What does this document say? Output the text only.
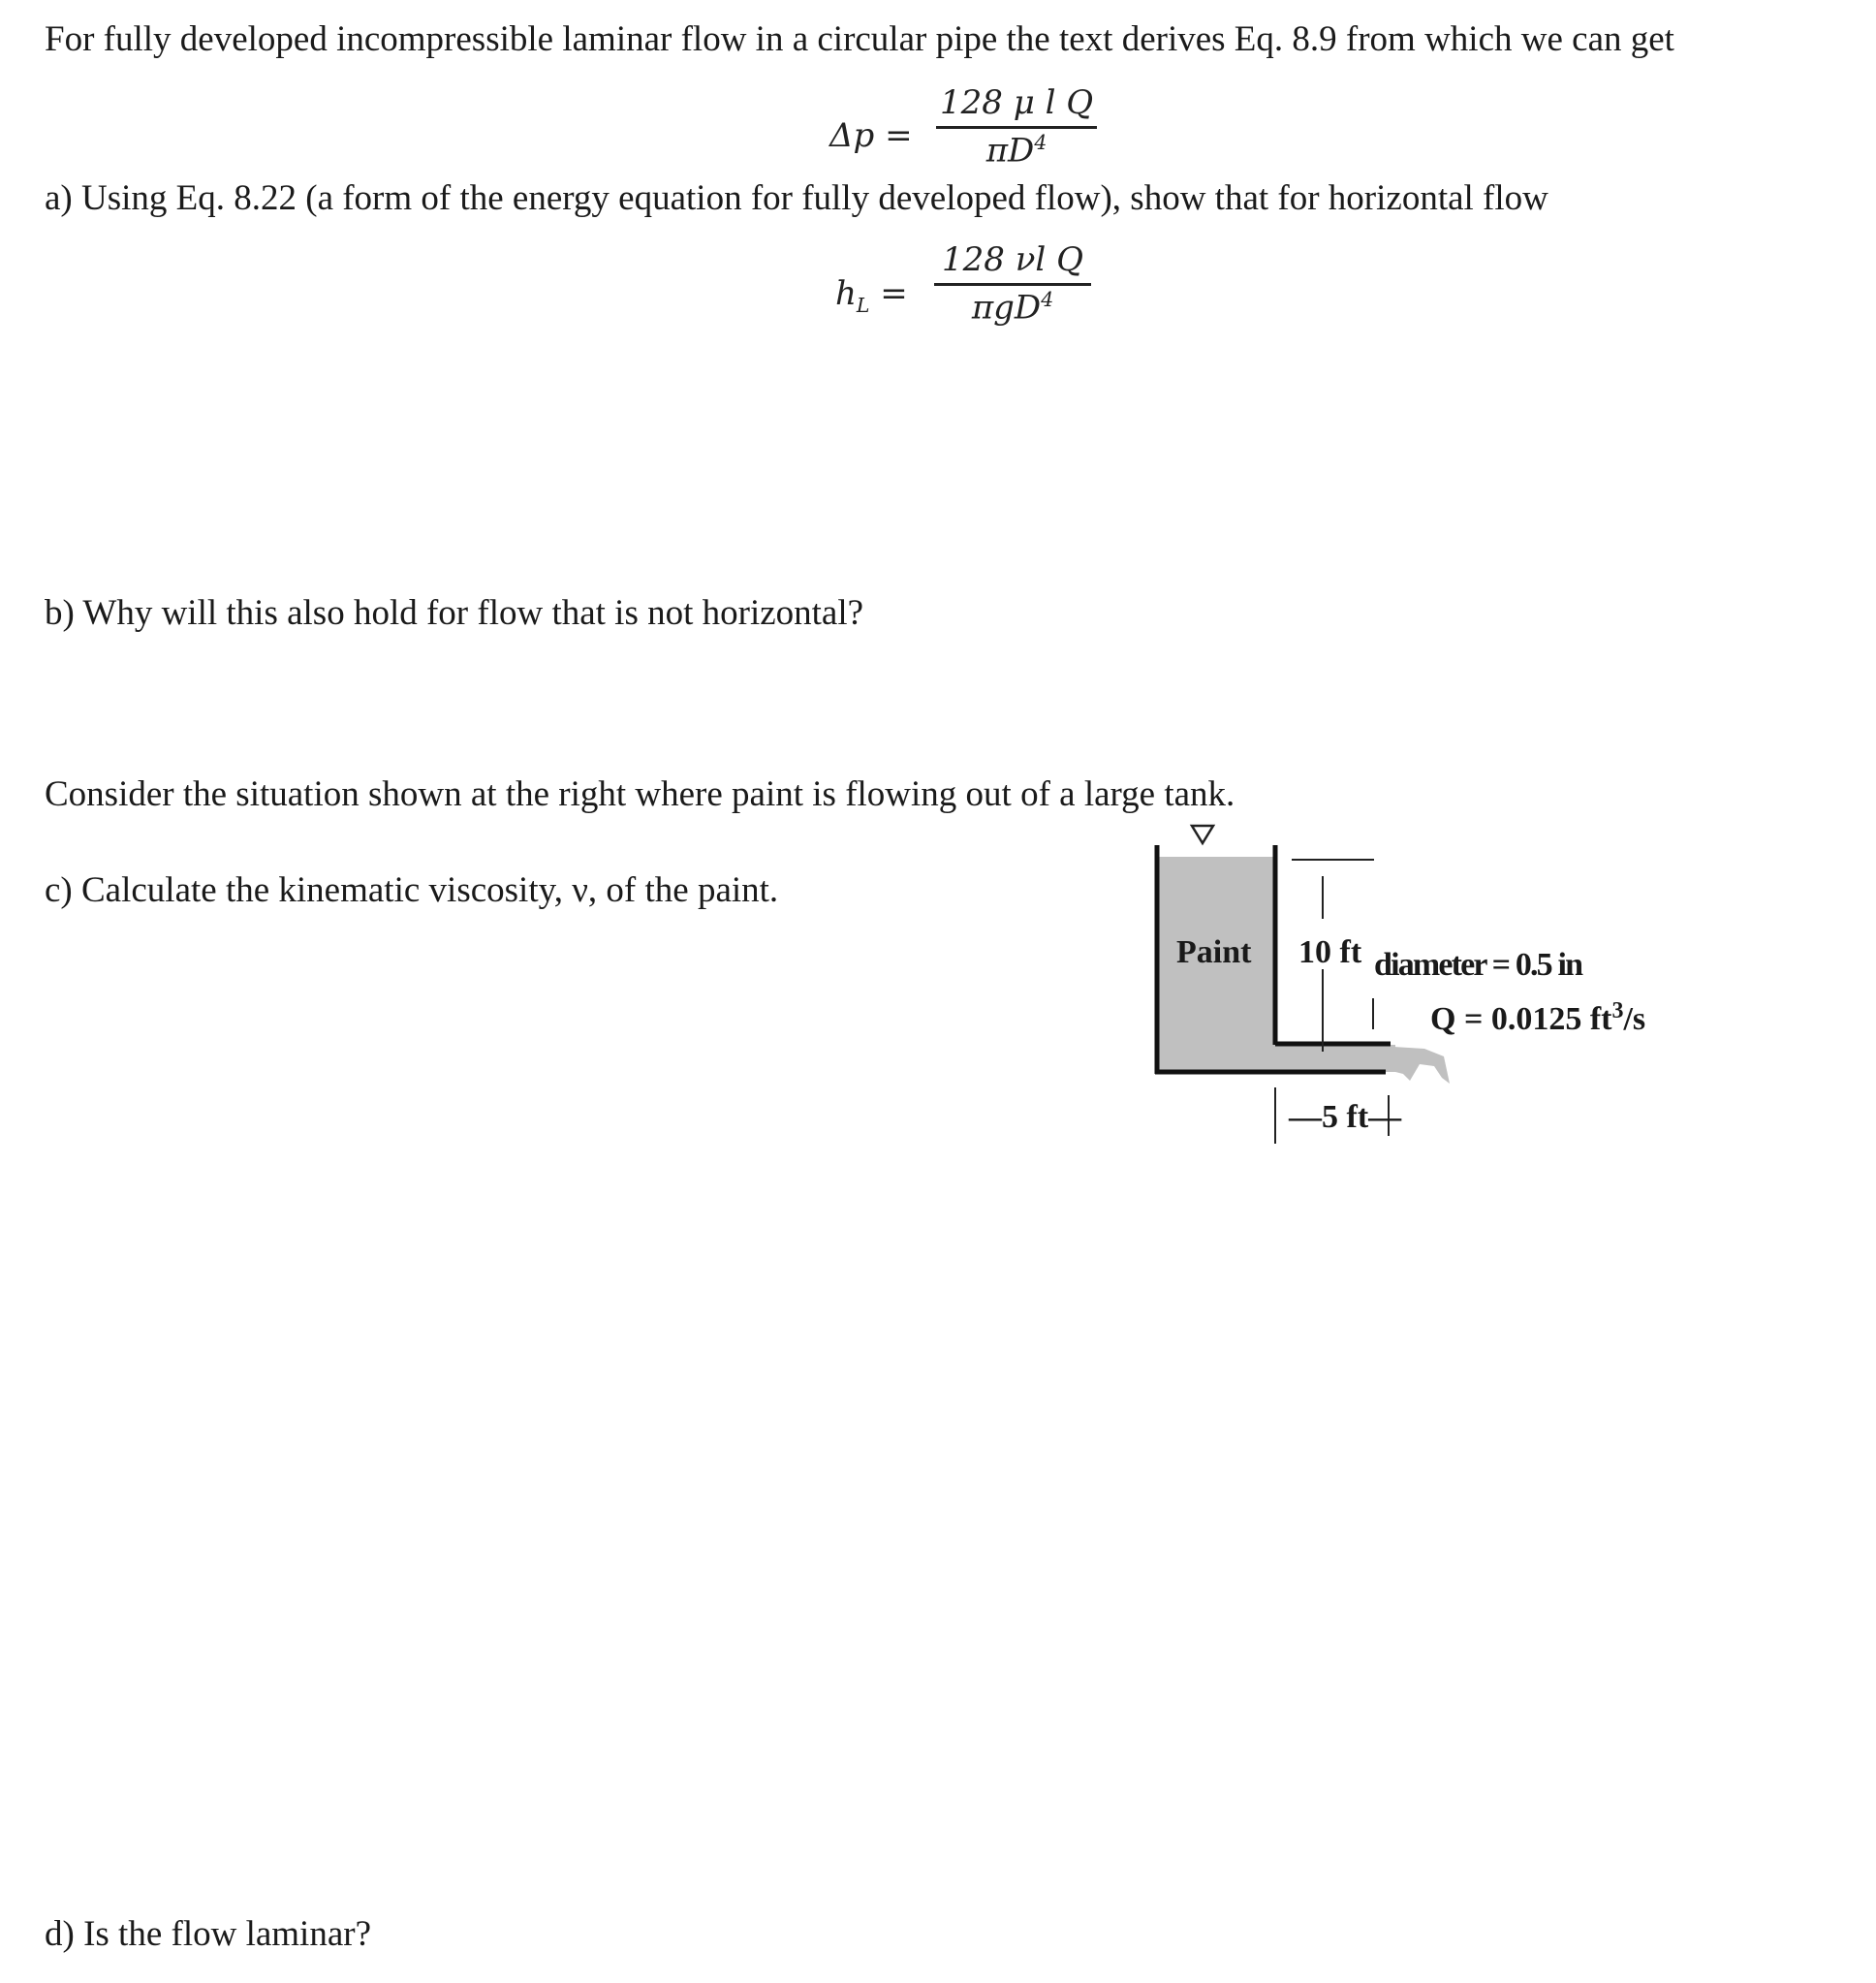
For fully developed incompressible laminar flow in a circular pipe the text derives Eq. 8.9 from which we can get
Δp =
128 μ l Q
$\pi D^4$
a) Using Eq. 8.22 (a form of the energy equation for fully developed flow), show that for horizontal flow
$h_L$ =
128 νl Q
πgD$^4$
b) Why will this also hold for flow that is not horizontal?
Consider the situation shown at the right where paint is flowing out of a large tank.
c) Calculate the kinematic viscosity, ν, of the paint.
d) Is the flow laminar?
Paint 10 ft diameter = 0.5 in
Q = 0.0125 $ft^3/s$
—5 ft—
